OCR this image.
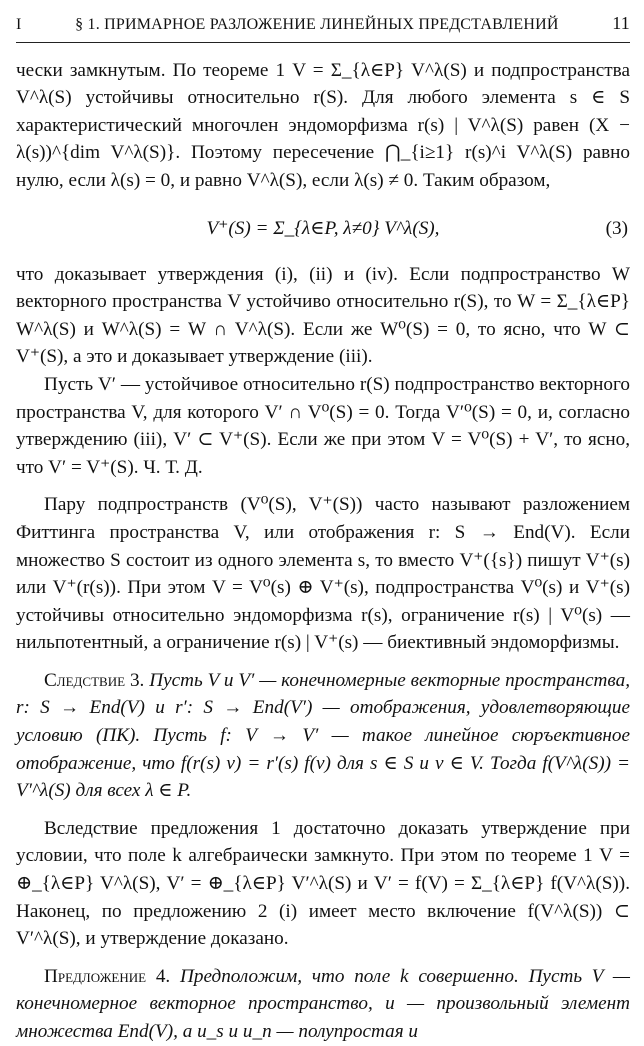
I	§ 1. ПРИМАРНОЕ РАЗЛОЖЕНИЕ ЛИНЕЙНЫХ ПРЕДСТАВЛЕНИЙ	11

чески замкнутым. По теореме 1 V = Σ_{λ∈P} V^λ(S) и подпространства V^λ(S) устойчивы относительно r(S). Для любого элемента s ∈ S характеристический многочлен эндоморфизма r(s) | V^λ(S) равен (X − λ(s))^{dim V^λ(S)}. Поэтому пересечение ⋂_{i≥1} r(s)^i V^λ(S) равно нулю, если λ(s) = 0, и равно V^λ(S), если λ(s) ≠ 0. Таким образом,

V⁺(S) = Σ_{λ∈P, λ≠0} V^λ(S),	(3)

что доказывает утверждения (i), (ii) и (iv). Если подпространство W векторного пространства V устойчиво относительно r(S), то W = Σ_{λ∈P} W^λ(S) и W^λ(S) = W ∩ V^λ(S). Если же W⁰(S) = 0, то ясно, что W ⊂ V⁺(S), а это и доказывает утверждение (iii).

Пусть V′ — устойчивое относительно r(S) подпространство векторного пространства V, для которого V′ ∩ V⁰(S) = 0. Тогда V′⁰(S) = 0, и, согласно утверждению (iii), V′ ⊂ V⁺(S). Если же при этом V = V⁰(S) + V′, то ясно, что V′ = V⁺(S). Ч. Т. Д.

Пару подпространств (V⁰(S), V⁺(S)) часто называют разложением Фиттинга пространства V, или отображения r: S → End(V). Если множество S состоит из одного элемента s, то вместо V⁺({s}) пишут V⁺(s) или V⁺(r(s)). При этом V = V⁰(s) ⊕ V⁺(s), подпространства V⁰(s) и V⁺(s) устойчивы относительно эндоморфизма r(s), ограничение r(s) | V⁰(s) — нильпотентный, а ограничение r(s) | V⁺(s) — биективный эндоморфизмы.

Следствие 3. Пусть V и V′ — конечномерные векторные пространства, r: S → End(V) и r′: S → End(V′) — отображения, удовлетворяющие условию (ПК). Пусть f: V → V′ — такое линейное сюръективное отображение, что f(r(s) v) = r′(s) f(v) для s ∈ S и v ∈ V. Тогда f(V^λ(S)) = V′^λ(S) для всех λ ∈ P.

Вследствие предложения 1 достаточно доказать утверждение при условии, что поле k алгебраически замкнуто. При этом по теореме 1 V = ⊕_{λ∈P} V^λ(S), V′ = ⊕_{λ∈P} V′^λ(S) и V′ = f(V) = Σ_{λ∈P} f(V^λ(S)). Наконец, по предложению 2 (i) имеет место включение f(V^λ(S)) ⊂ V′^λ(S), и утверждение доказано.

Предложение 4. Предположим, что поле k совершенно. Пусть V — конечномерное векторное пространство, u — произвольный элемент множества End(V), а u_s и u_n — полупростая и
